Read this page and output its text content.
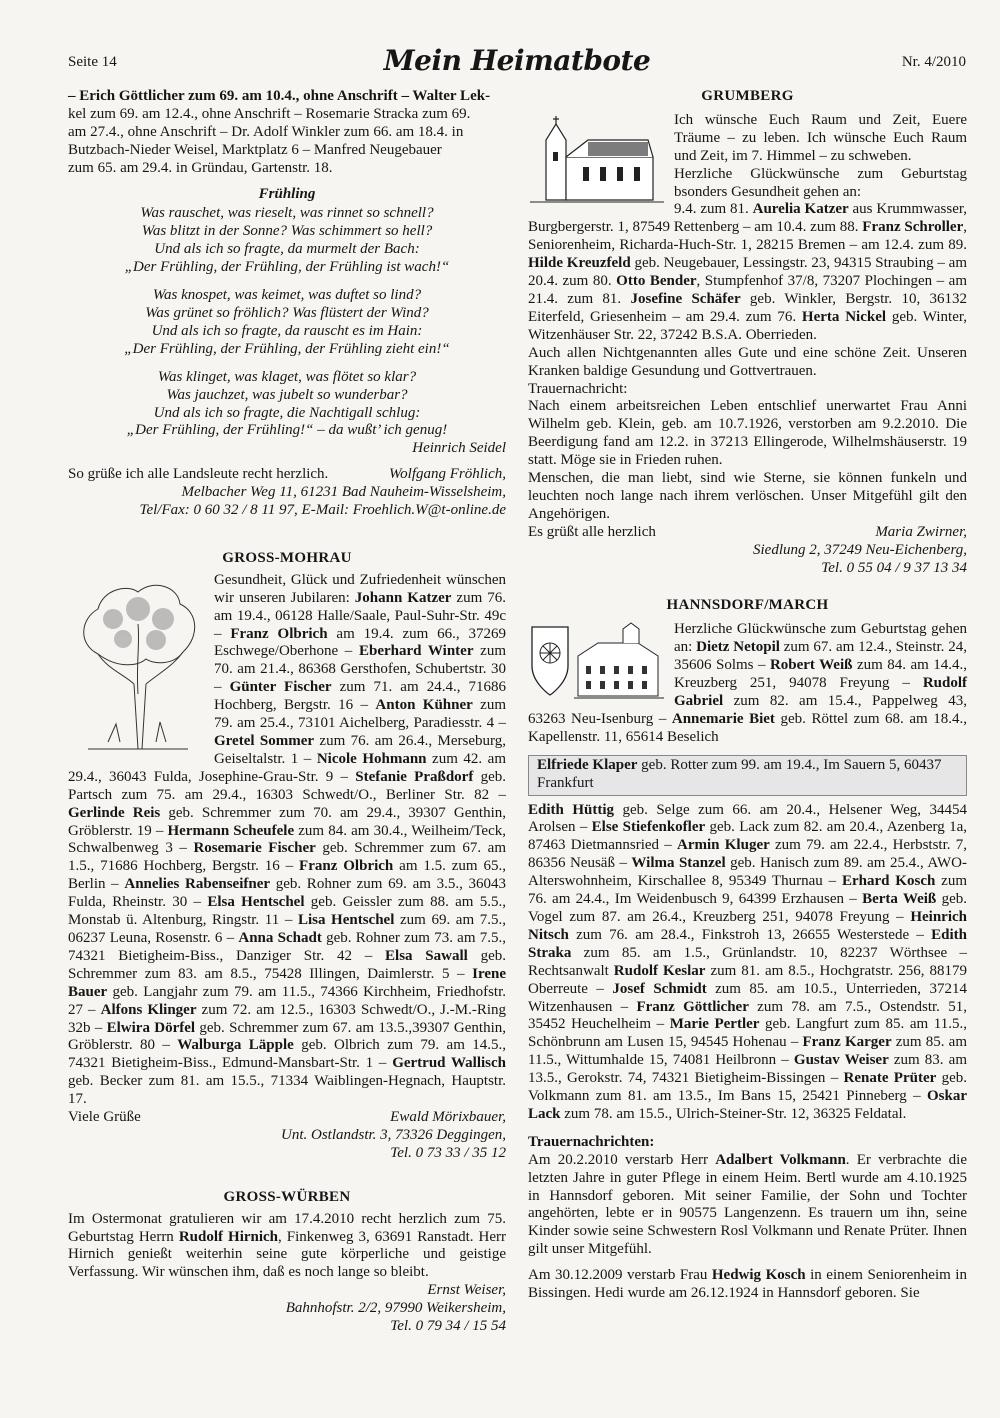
Seite 14	Mein Heimatbote	Nr. 4/2010

– Erich Göttlicher zum 69. am 10.4., ohne Anschrift – Walter Lek-
kel zum 69. am 12.4., ohne Anschrift – Rosemarie Stracka zum 69.
am 27.4., ohne Anschrift – Dr. Adolf Winkler zum 66. am 18.4. in
Butzbach-Nieder Weisel, Marktplatz 6 – Manfred Neugebauer
zum 65. am 29.4. in Gründau, Gartenstr. 18.

Frühling

Was rauschet, was rieselt, was rinnet so schnell?
Was blitzt in der Sonne? Was schimmert so hell?
Und als ich so fragte, da murmelt der Bach:
„Der Frühling, der Frühling, der Frühling ist wach!“
Was knospet, was keimet, was duftet so lind?
Was grünet so fröhlich? Was flüstert der Wind?
Und als ich so fragte, da rauscht es im Hain:
„Der Frühling, der Frühling, der Frühling zieht ein!“
Was klinget, was klaget, was flötet so klar?
Was jauchzet, was jubelt so wunderbar?
Und als ich so fragte, die Nachtigall schlug:
„Der Frühling, der Frühling!“ – da wußt’ ich genug!
Heinrich Seidel
So grüße ich alle Landsleute recht herzlich.	Wolfgang Fröhlich,
Melbacher Weg 11, 61231 Bad Nauheim-Wisselsheim,
Tel/Fax: 0 60 32 / 8 11 97, E-Mail: Froehlich.W@t-online.de

GROSS-MOHRAU

Gesundheit, Glück und Zufriedenheit wünschen wir unseren Jubilaren: Johann Katzer zum 76. am 19.4., 06128 Halle/Saale, Paul-Suhr-Str. 49c – Franz Olbrich am 19.4. zum 66., 37269 Eschwege/Oberhone – Eberhard Winter zum 70. am 21.4., 86368 Gersthofen, Schubertstr. 30 – Günter Fischer zum 71. am 24.4., 71686 Hochberg, Bergstr. 16 – Anton Kühner zum 79. am 25.4., 73101 Aichelberg, Paradiesstr. 4 – Gretel Sommer zum 76. am 26.4., Merseburg, Geiseltalstr. 1 – Nicole Hohmann zum 42. am 29.4., 36043 Fulda, Josephine-Grau-Str. 9 – Stefanie Praßdorf geb. Partsch zum 75. am 29.4., 16303 Schwedt/O., Berliner Str. 82 – Gerlinde Reis geb. Schremmer zum 70. am 29.4., 39307 Genthin, Gröblerstr. 19 – Hermann Scheufele zum 84. am 30.4., Weilheim/Teck, Schwalbenweg 3 – Rosemarie Fischer geb. Schremmer zum 67. am 1.5., 71686 Hochberg, Bergstr. 16 – Franz Olbrich am 1.5. zum 65., Berlin – Annelies Rabenseifner geb. Rohner zum 69. am 3.5., 36043 Fulda, Rheinstr. 30 – Elsa Hentschel geb. Geissler zum 88. am 5.5., Monstab ü. Altenburg, Ringstr. 11 – Lisa Hentschel zum 69. am 7.5., 06237 Leuna, Rosenstr. 6 – Anna Schadt geb. Rohner zum 73. am 7.5., 74321 Bietigheim-Biss., Danziger Str. 42 – Elsa Sawall geb. Schremmer zum 83. am 8.5., 75428 Illingen, Daimlerstr. 5 – Irene Bauer geb. Langjahr zum 79. am 11.5., 74366 Kirchheim, Friedhofstr. 27 – Alfons Klinger zum 72. am 12.5., 16303 Schwedt/O., J.-M.-Ring 32b – Elwira Dörfel geb. Schremmer zum 67. am 13.5.,39307 Genthin, Gröblerstr. 80 – Walburga Läpple geb. Olbrich zum 79. am 14.5., 74321 Bietigheim-Biss., Edmund-Mansbart-Str. 1 – Gertrud Wallisch geb. Becker zum 81. am 15.5., 71334 Waiblingen-Hegnach, Hauptstr. 17.

Viele Grüße	Ewald Mörixbauer,
Unt. Ostlandstr. 3, 73326 Deggingen,
Tel. 0 73 33 / 35 12

GROSS-WÜRBEN

Im Ostermonat gratulieren wir am 17.4.2010 recht herzlich zum 75. Geburtstag Herrn Rudolf Hirnich, Finkenweg 3, 63691 Ranstadt. Herr Hirnich genießt weiterhin seine gute körperliche und geistige Verfassung. Wir wünschen ihm, daß es noch lange so bleibt.

Ernst Weiser,
Bahnhofstr. 2/2, 97990 Weikersheim,
Tel. 0 79 34 / 15 54

GRUMBERG

Ich wünsche Euch Raum und Zeit, Euere Träume – zu leben. Ich wünsche Euch Raum und Zeit, im 7. Himmel – zu schweben.

Herzliche Glückwünsche zum Geburtstag bsonders Gesundheit gehen an:

9.4. zum 81. Aurelia Katzer aus Krummwasser, Burgbergerstr. 1, 87549 Rettenberg – am 10.4. zum 88. Franz Schroller, Seniorenheim, Richarda-Huch-Str. 1, 28215 Bremen – am 12.4. zum 89. Hilde Kreuzfeld geb. Neugebauer, Lessingstr. 23, 94315 Straubing – am 20.4. zum 80. Otto Bender, Stumpfenhof 37/8, 73207 Plochingen – am 21.4. zum 81. Josefine Schäfer geb. Winkler, Bergstr. 10, 36132 Eiterfeld, Griesenheim – am 29.4. zum 76. Herta Nickel geb. Winter, Witzenhäuser Str. 22, 37242 B.S.A. Oberrieden.

Auch allen Nichtgenannten alles Gute und eine schöne Zeit. Unseren Kranken baldige Gesundung und Gottvertrauen.

Trauernachricht:

Nach einem arbeitsreichen Leben entschlief unerwartet Frau Anni Wilhelm geb. Klein, geb. am 10.7.1926, verstorben am 9.2.2010. Die Beerdigung fand am 12.2. in 37213 Ellingerode, Wilhelmshäuserstr. 19 statt. Möge sie in Frieden ruhen.

Menschen, die man liebt, sind wie Sterne, sie können funkeln und leuchten noch lange nach ihrem verlöschen. Unser Mitgefühl gilt den Angehörigen.

Es grüßt alle herzlich	Maria Zwirner,
Siedlung 2, 37249 Neu-Eichenberg,
Tel. 0 55 04 / 9 37 13 34

HANNSDORF/MARCH

Herzliche Glückwünsche zum Geburtstag gehen an: Dietz Netopil zum 67. am 12.4., Steinstr. 24, 35606 Solms – Robert Weiß zum 84. am 14.4., Kreuzberg 251, 94078 Freyung – Rudolf Gabriel zum 82. am 15.4., Pappelweg 43, 63263 Neu-Isenburg – Annemarie Biet geb. Röttel zum 68. am 18.4., Kapellenstr. 11, 65614 Beselich

Elfriede Klaper geb. Rotter zum 99. am 19.4., Im Sauern 5, 60437 Frankfurt

Edith Hüttig geb. Selge zum 66. am 20.4., Helsener Weg, 34454 Arolsen – Else Stiefenkofler geb. Lack zum 82. am 20.4., Azenberg 1a, 87463 Dietmannsried – Armin Kluger zum 79. am 22.4., Herbststr. 7, 86356 Neusäß – Wilma Stanzel geb. Hanisch zum 89. am 25.4., AWO-Alterswohnheim, Kirschallee 8, 95349 Thurnau – Erhard Kosch zum 76. am 24.4., Im Weidenbusch 9, 64399 Erzhausen – Berta Weiß geb. Vogel zum 87. am 26.4., Kreuzberg 251, 94078 Freyung – Heinrich Nitsch zum 76. am 28.4., Finkstroh 13, 26655 Westerstede – Edith Straka zum 85. am 1.5., Grünlandstr. 10, 82237 Wörthsee – Rechtsanwalt Rudolf Keslar zum 81. am 8.5., Hochgratstr. 256, 88179 Oberreute – Josef Schmidt zum 85. am 10.5., Unterrieden, 37214 Witzenhausen – Franz Göttlicher zum 78. am 7.5., Ostendstr. 51, 35452 Heuchelheim – Marie Pertler geb. Langfurt zum 85. am 11.5., Schönbrunn am Lusen 15, 94545 Hohenau – Franz Karger zum 85. am 11.5., Wittumhalde 15, 74081 Heilbronn – Gustav Weiser zum 83. am 13.5., Gerokstr. 74, 74321 Bietigheim-Bissingen – Renate Prüter geb. Volkmann zum 81. am 13.5., Im Bans 15, 25421 Pinneberg – Oskar Lack zum 78. am 15.5., Ulrich-Steiner-Str. 12, 36325 Feldatal.

Trauernachrichten:

Am 20.2.2010 verstarb Herr Adalbert Volkmann. Er verbrachte die letzten Jahre in guter Pflege in einem Heim. Bertl wurde am 4.10.1925 in Hannsdorf geboren. Mit seiner Familie, der Sohn und Tochter angehörten, lebte er in 90575 Langenzenn. Es trauern um ihn, seine Kinder sowie seine Schwestern Rosl Volkmann und Renate Prüter. Ihnen gilt unser Mitgefühl.

Am 30.12.2009 verstarb Frau Hedwig Kosch in einem Seniorenheim in Bissingen. Hedi wurde am 26.12.1924 in Hannsdorf geboren. Sie
